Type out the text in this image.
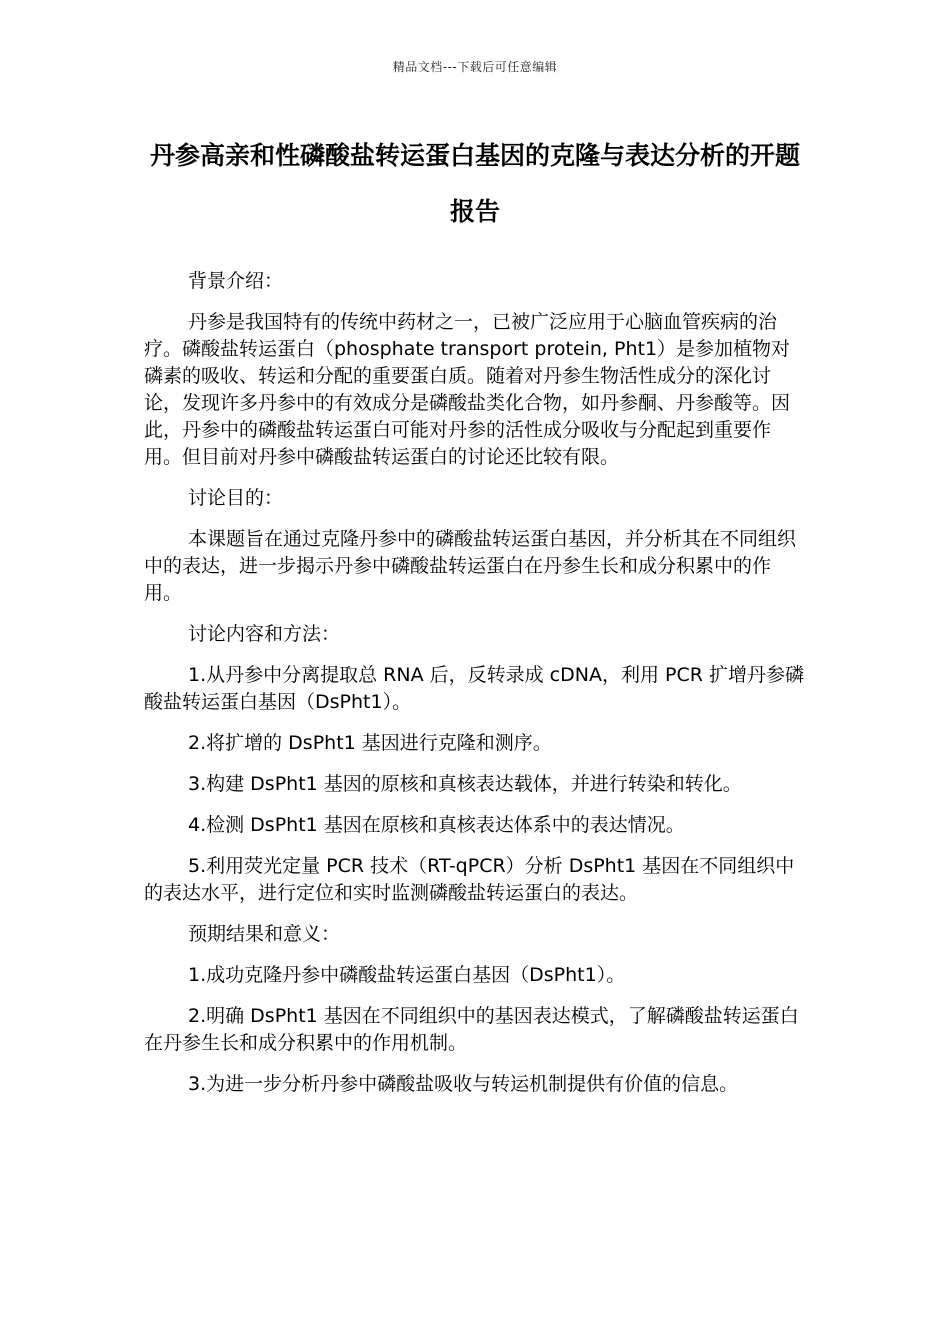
精品文档---下载后可任意编辑
丹参高亲和性磷酸盐转运蛋白基因的克隆与表达分析的开题报告

背景介绍：

丹参是我国特有的传统中药材之一，已被广泛应用于心脑血管疾病的治疗。磷酸盐转运蛋白（phosphate transport protein, Pht1）是参加植物对磷素的吸收、转运和分配的重要蛋白质。随着对丹参生物活性成分的深化讨论，发现许多丹参中的有效成分是磷酸盐类化合物，如丹参酮、丹参酸等。因此，丹参中的磷酸盐转运蛋白可能对丹参的活性成分吸收与分配起到重要作用。但目前对丹参中磷酸盐转运蛋白的讨论还比较有限。

讨论目的：

本课题旨在通过克隆丹参中的磷酸盐转运蛋白基因，并分析其在不同组织中的表达，进一步揭示丹参中磷酸盐转运蛋白在丹参生长和成分积累中的作用。

讨论内容和方法：

1.从丹参中分离提取总 RNA 后，反转录成 cDNA，利用 PCR 扩增丹参磷酸盐转运蛋白基因（DsPht1）。

2.将扩增的 DsPht1 基因进行克隆和测序。

3.构建 DsPht1 基因的原核和真核表达载体，并进行转染和转化。

4.检测 DsPht1 基因在原核和真核表达体系中的表达情况。

5.利用荧光定量 PCR 技术（RT-qPCR）分析 DsPht1 基因在不同组织中的表达水平，进行定位和实时监测磷酸盐转运蛋白的表达。

预期结果和意义：

1.成功克隆丹参中磷酸盐转运蛋白基因（DsPht1）。

2.明确 DsPht1 基因在不同组织中的基因表达模式，了解磷酸盐转运蛋白在丹参生长和成分积累中的作用机制。

3.为进一步分析丹参中磷酸盐吸收与转运机制提供有价值的信息。
